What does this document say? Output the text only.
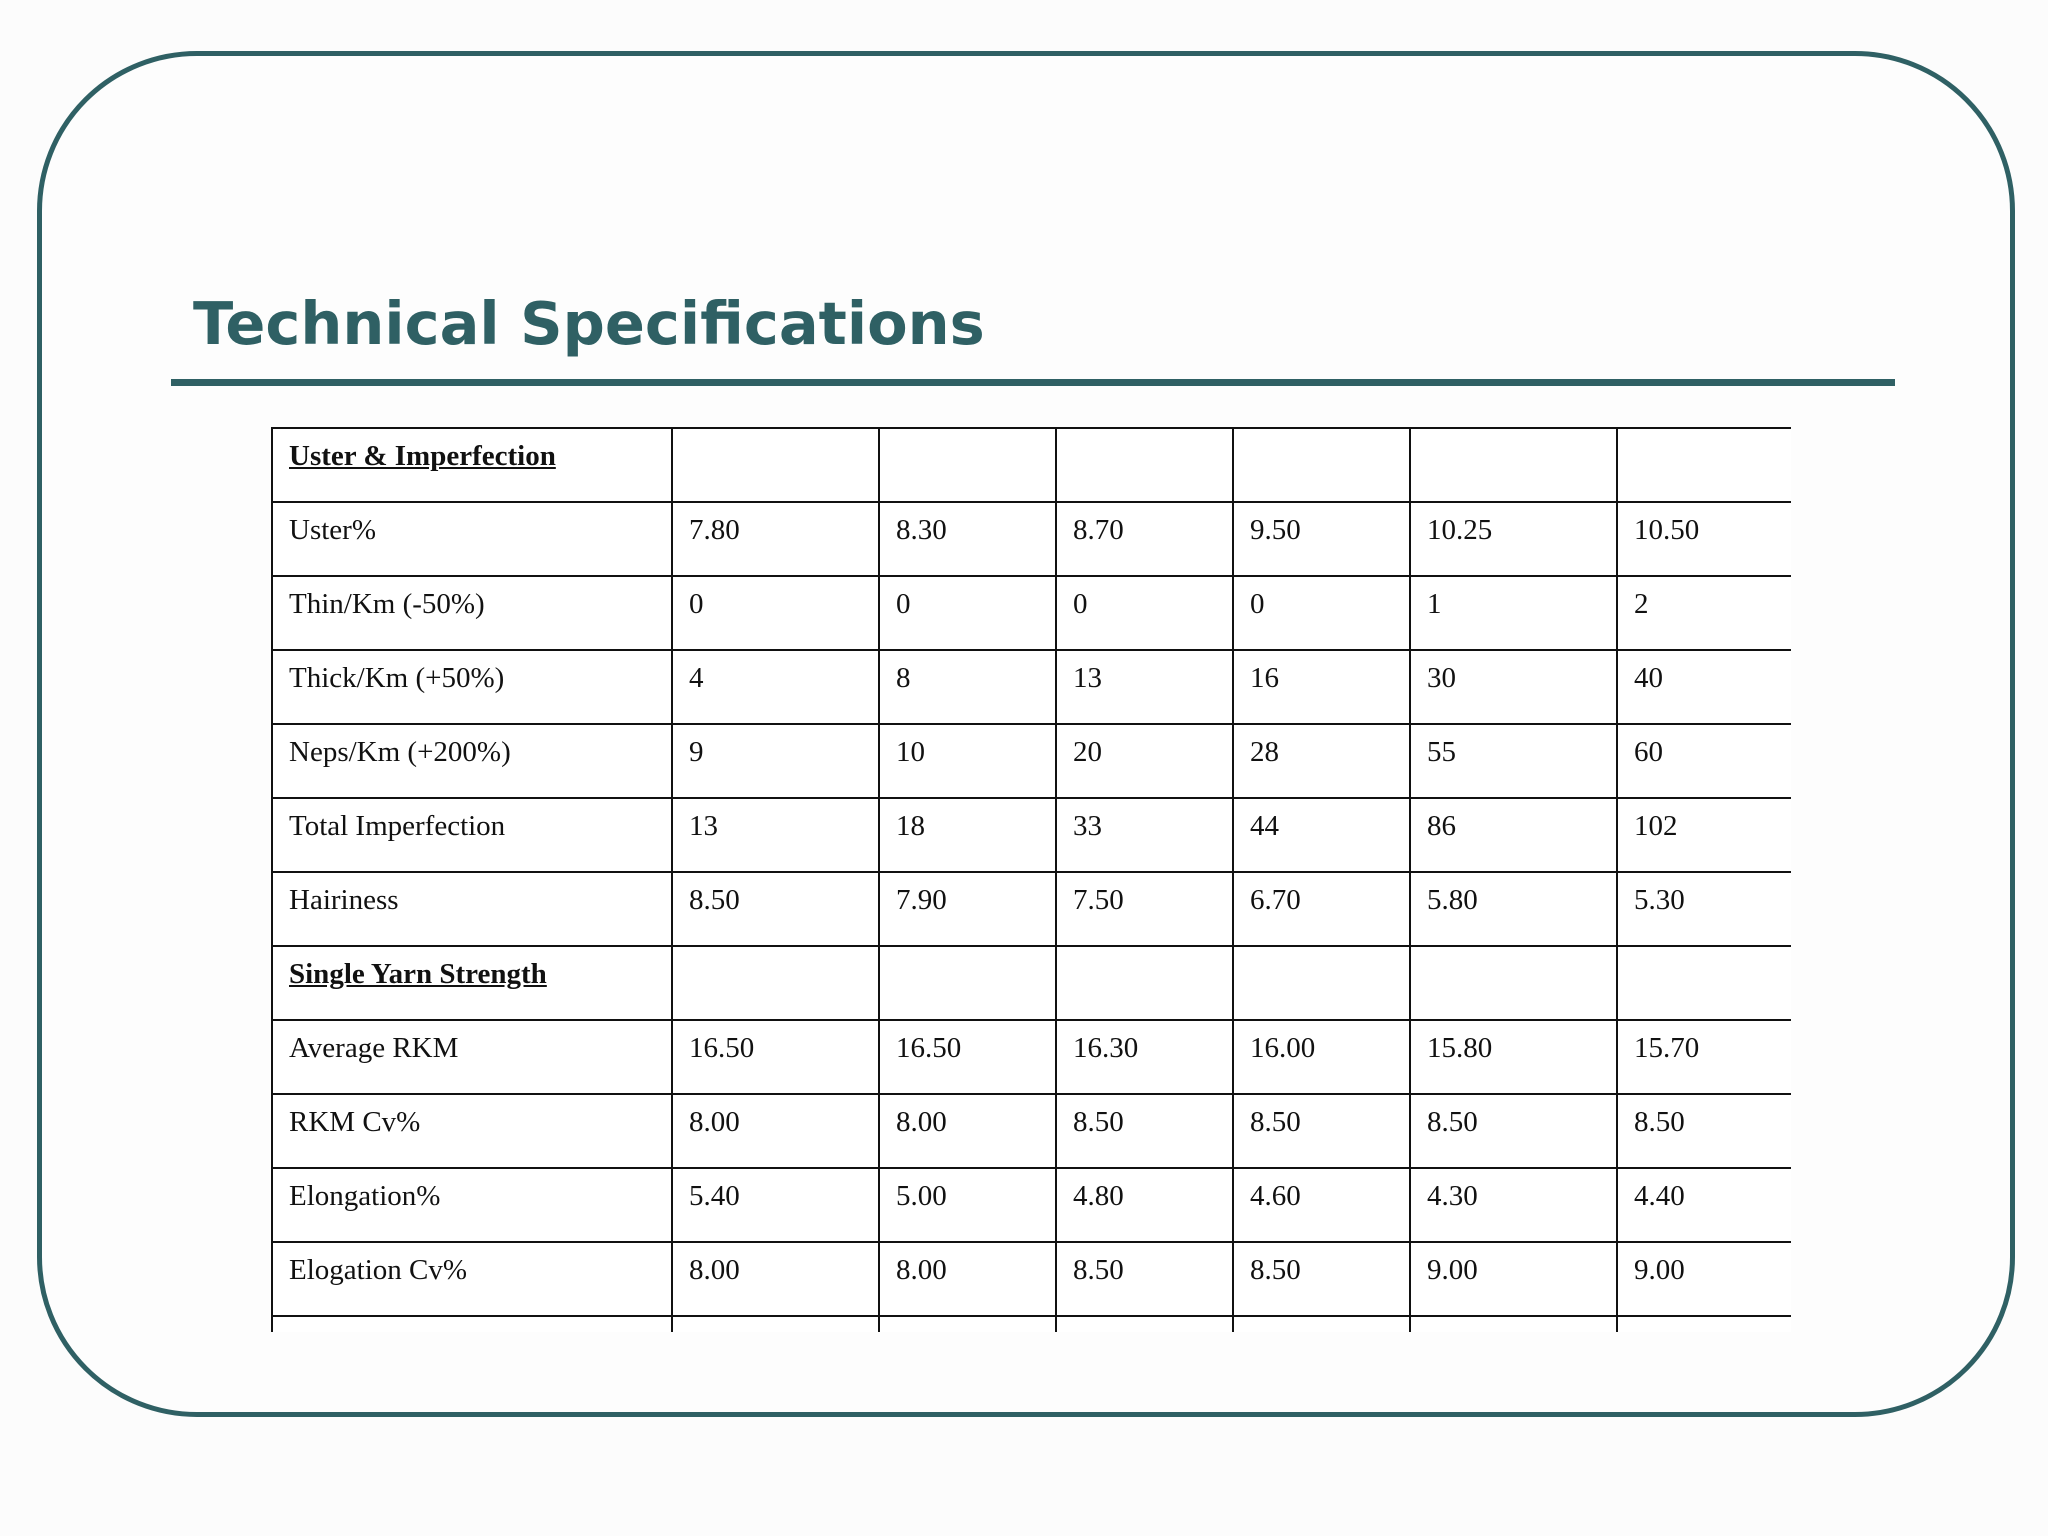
Technical Specifications
Uster & Imperfection						
Uster%	7.80	8.30	8.70	9.50	10.25	10.50
Thin/Km (-50%)	0	0	0	0	1	2
Thick/Km (+50%)	4	8	13	16	30	40
Neps/Km (+200%)	9	10	20	28	55	60
Total Imperfection	13	18	33	44	86	102
Hairiness	8.50	7.90	7.50	6.70	5.80	5.30
Single Yarn Strength						
Average RKM	16.50	16.50	16.30	16.00	15.80	15.70
RKM Cv%	8.00	8.00	8.50	8.50	8.50	8.50
Elongation%	5.40	5.00	4.80	4.60	4.30	4.40
Elogation Cv%	8.00	8.00	8.50	8.50	9.00	9.00
